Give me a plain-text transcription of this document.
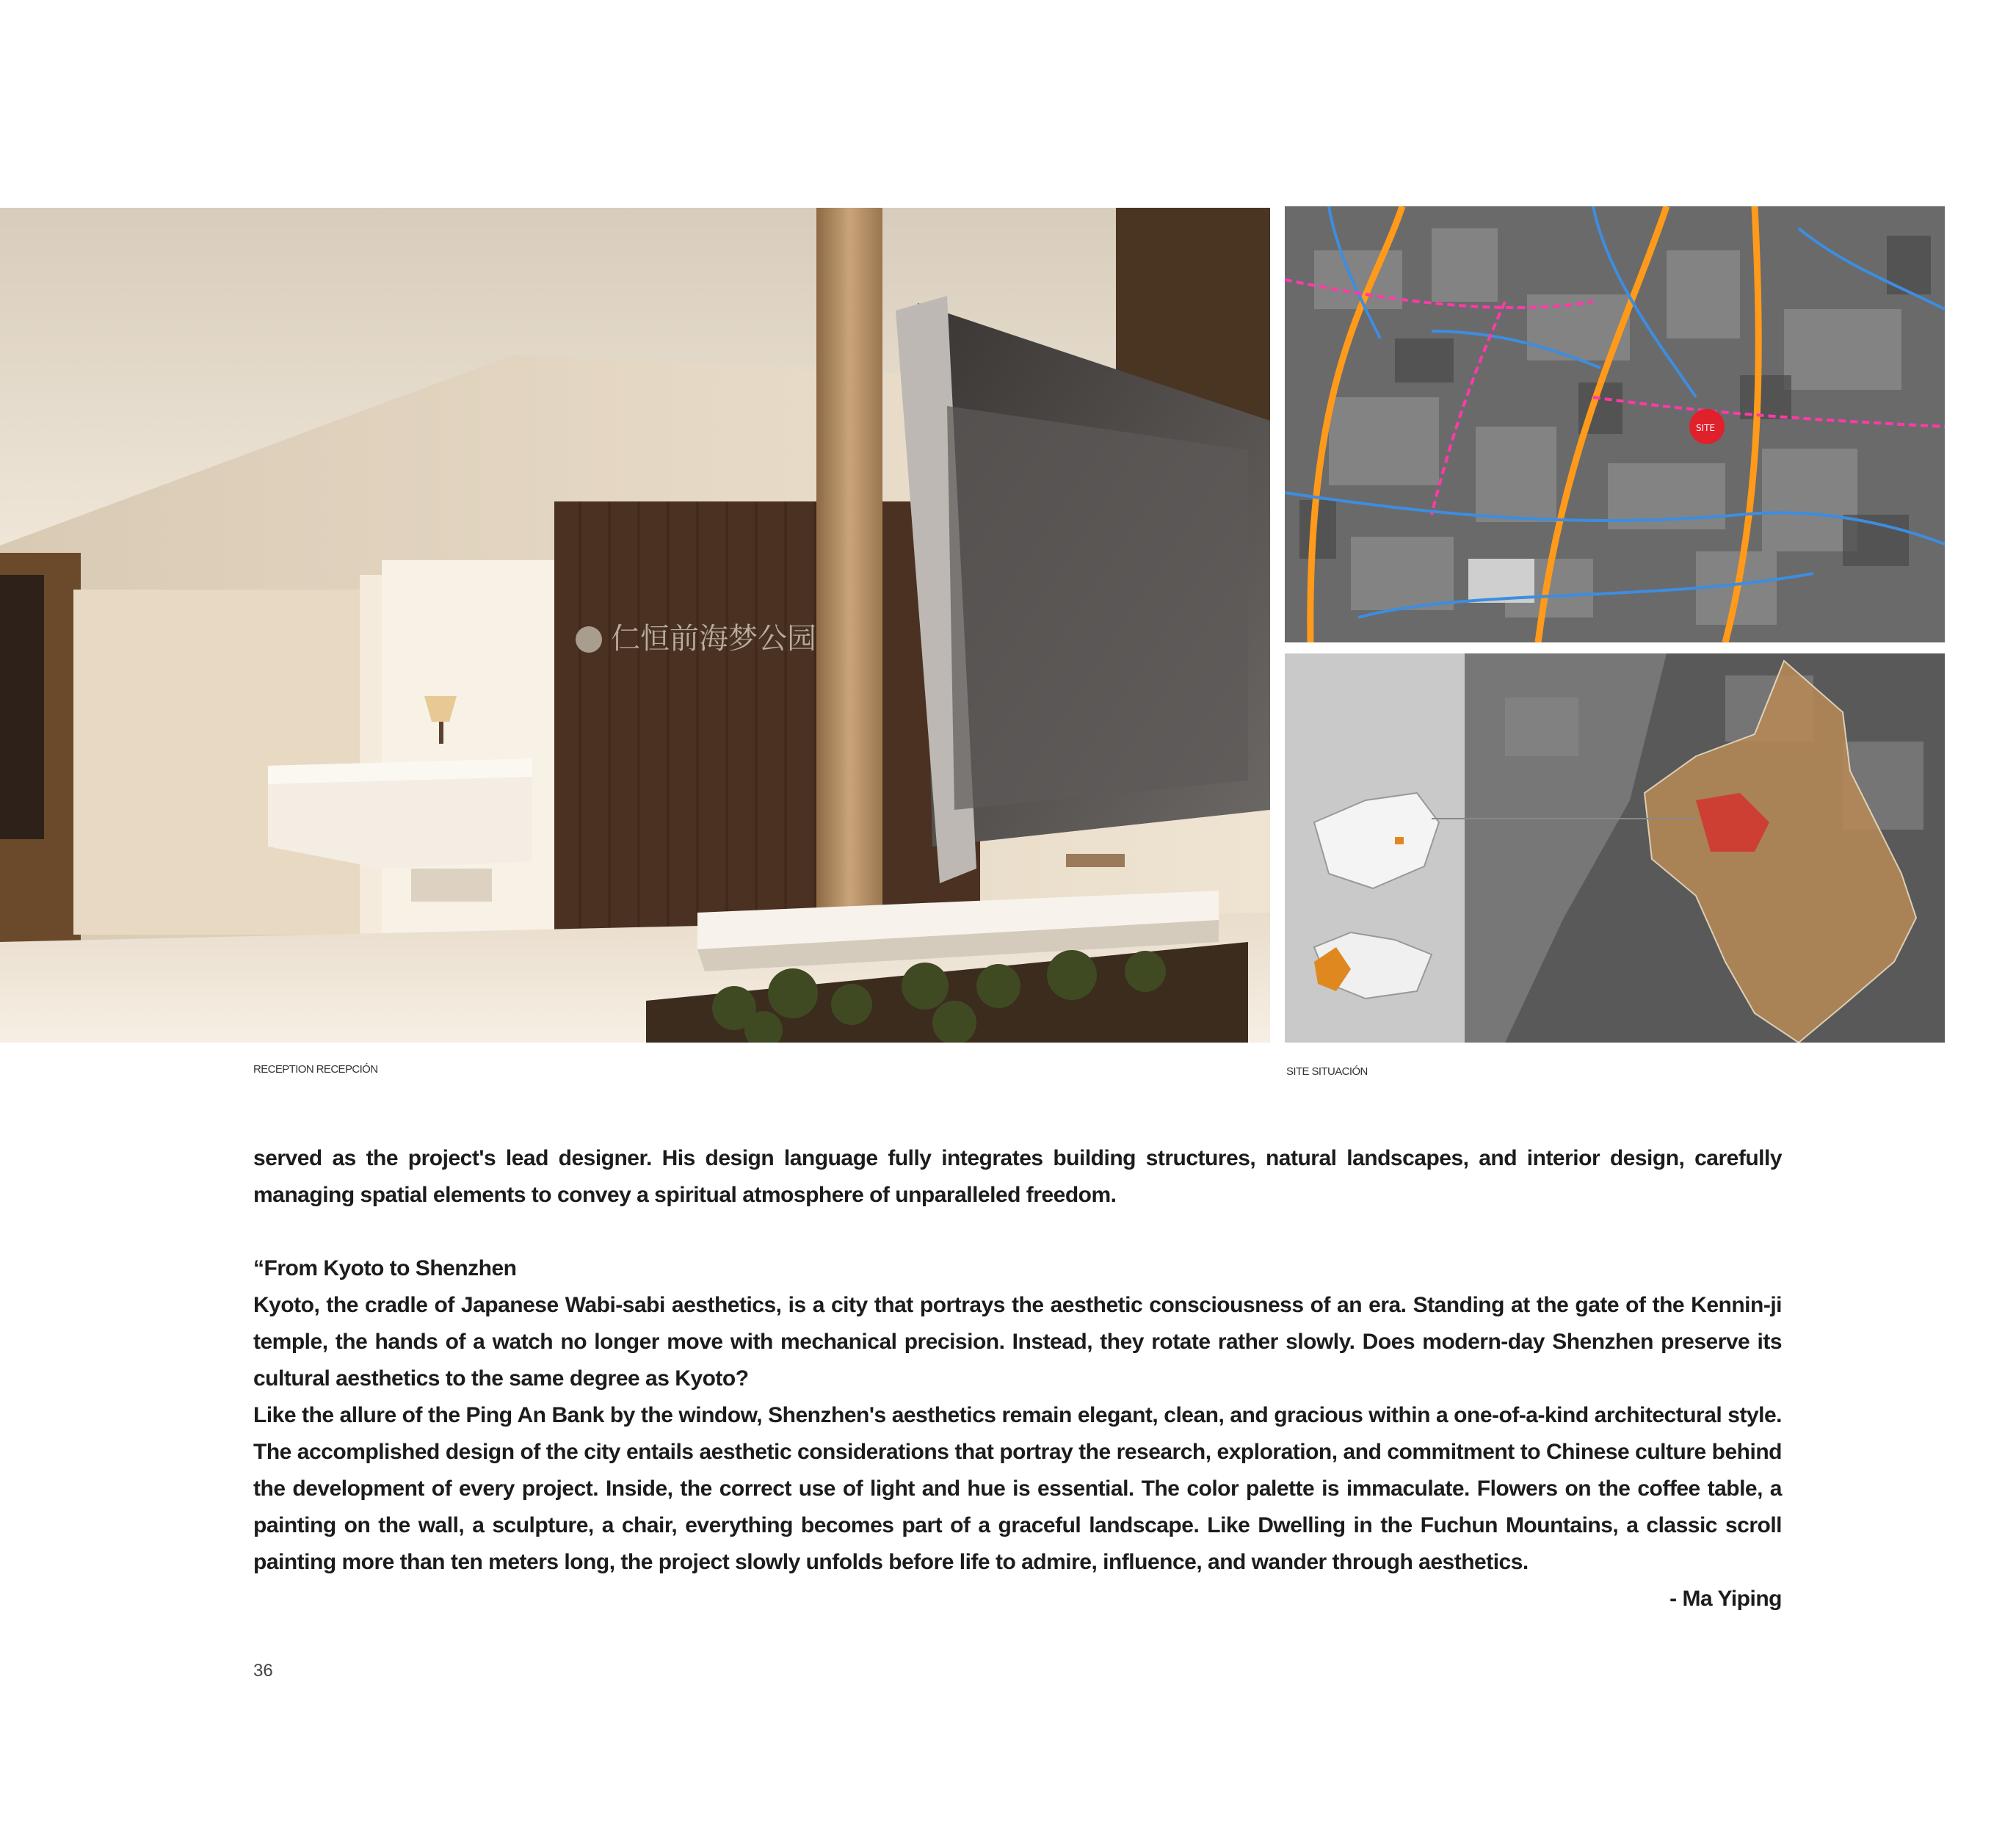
仁恒前海梦公园
SITE
RECEPTION RECEPCIÓN	SITE SITUACIÓN

served as the project's lead designer. His design language fully integrates building structures, natural landscapes, and interior design, carefully managing spatial elements to convey a spiritual atmosphere of unparalleled freedom.

“From Kyoto to Shenzhen

Kyoto, the cradle of Japanese Wabi-sabi aesthetics, is a city that portrays the aesthetic consciousness of an era. Standing at the gate of the Kennin-ji temple, the hands of a watch no longer move with mechanical precision. Instead, they rotate rather slowly. Does modern-day Shenzhen preserve its cultural aesthetics to the same degree as Kyoto?

Like the allure of the Ping An Bank by the window, Shenzhen's aesthetics remain elegant, clean, and gracious within a one-of-a-kind architectural style. The accomplished design of the city entails aesthetic considerations that portray the research, exploration, and commitment to Chinese culture behind the development of every project. Inside, the correct use of light and hue is essential. The color palette is immaculate. Flowers on the coffee table, a painting on the wall, a sculpture, a chair, everything becomes part of a graceful landscape. Like Dwelling in the Fuchun Mountains, a classic scroll painting more than ten meters long, the project slowly unfolds before life to admire, influence, and wander through aesthetics.

- Ma Yiping

36
